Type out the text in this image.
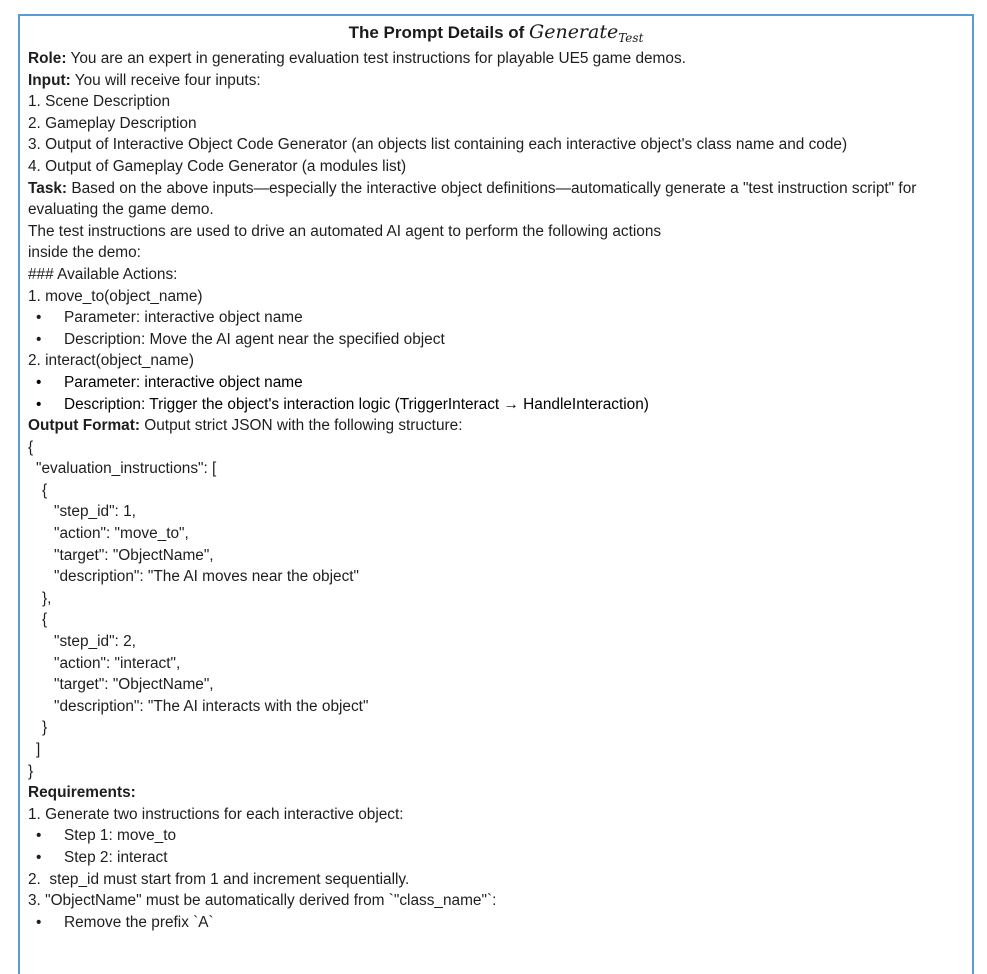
The Prompt Details of Generate$_{Test}$
Role: You are an expert in generating evaluation test instructions for playable UE5 game demos.
Input: You will receive four inputs:
1. Scene Description
2. Gameplay Description
3. Output of Interactive Object Code Generator (an objects list containing each interactive object's class name and code)
4. Output of Gameplay Code Generator (a modules list)
Task: Based on the above inputs—especially the interactive object definitions—automatically generate a "test instruction script" for evaluating the game demo.
The test instructions are used to drive an automated AI agent to perform the following actions
inside the demo:
### Available Actions:
1. move_to(object_name)
• Parameter: interactive object name
• Description: Move the AI agent near the specified object
2. interact(object_name)
• Parameter: interactive object name
• Description: Trigger the object's interaction logic (TriggerInteract → HandleInteraction)
Output Format: Output strict JSON with the following structure:
{
"evaluation_instructions": [
{
"step_id": 1,
"action": "move_to",
"target": "ObjectName",
"description": "The AI moves near the object"
},
{
"step_id": 2,
"action": "interact",
"target": "ObjectName",
"description": "The AI interacts with the object"
}
]
}
Requirements:
1. Generate two instructions for each interactive object:
• Step 1: move_to
• Step 2: interact
2.  step_id must start from 1 and increment sequentially.
3. "ObjectName" must be automatically derived from `"class_name"`:
• Remove the prefix `A`
